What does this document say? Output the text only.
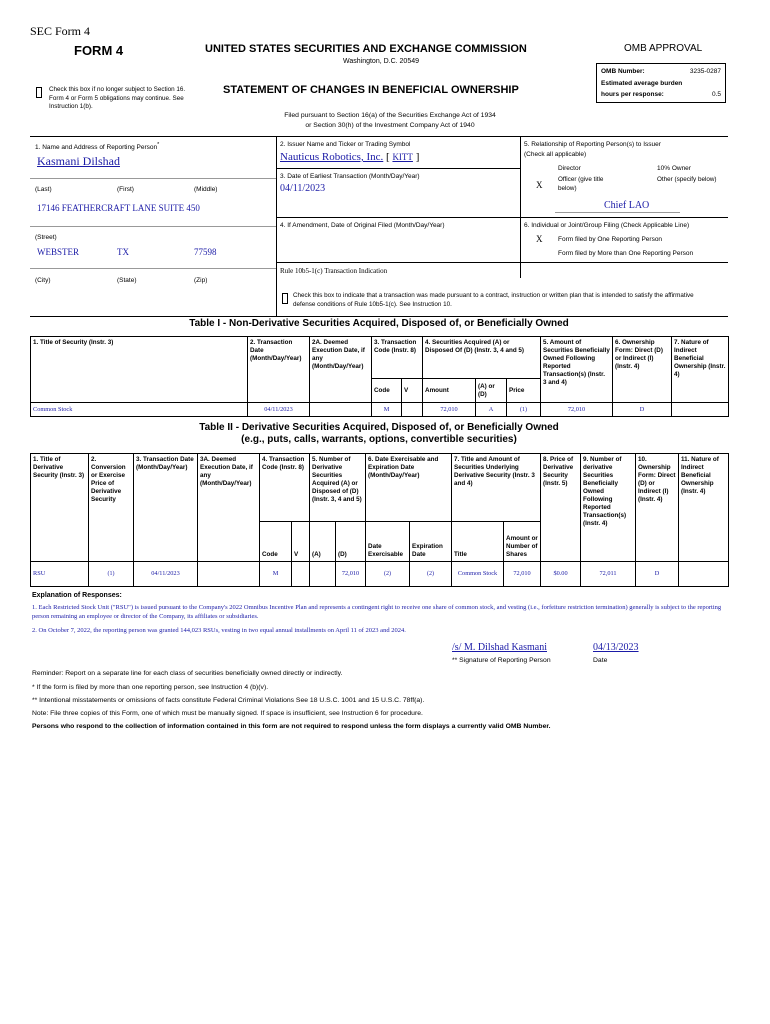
SEC Form 4
FORM 4	UNITED STATES SECURITIES AND EXCHANGE COMMISSION
Washington, D.C. 20549
STATEMENT OF CHANGES IN BENEFICIAL OWNERSHIP
OMB APPROVAL
OMB Number:	3235-0287
Estimated average burden
hours per response:	0.5
Check this box if no longer subject to Section 16. Form 4 or Form 5 obligations may continue. See Instruction 1(b).
Filed pursuant to Section 16(a) of the Securities Exchange Act of 1934
or Section 30(h) of the Investment Company Act of 1940
1. Name and Address of Reporting Person*
Kasmani Dilshad
(Last)	(First)	(Middle)
17146 FEATHERCRAFT LANE SUITE 450
(Street)
WEBSTER	TX	77598
(City)	(State)	(Zip)
2. Issuer Name and Ticker or Trading Symbol
Nauticus Robotics, Inc. [ KITT ]
3. Date of Earliest Transaction (Month/Day/Year)
04/11/2023
4. If Amendment, Date of Original Filed (Month/Day/Year)
Rule 10b5-1(c) Transaction Indication
Check this box to indicate that a transaction was made pursuant to a contract, instruction or written plan that is intended to satisfy the affirmative defense conditions of Rule 10b5-1(c). See Instruction 10.
5. Relationship of Reporting Person(s) to Issuer
(Check all applicable)
Director	10% Owner
X
Officer (give title below)
Other (specify below)
Chief LAO
6. Individual or Joint/Group Filing (Check Applicable Line)
X Form filed by One Reporting Person
Form filed by More than One Reporting Person
Table I - Non-Derivative Securities Acquired, Disposed of, or Beneficially Owned
1. Title of Security (Instr. 3)	2. Transaction Date (Month/Day/Year)	2A. Deemed Execution Date, if any (Month/Day/Year)	3. Transaction Code (Instr. 8)		4. Securities Acquired (A) or Disposed Of (D) (Instr. 3, 4 and 5)			5. Amount of Securities Beneficially Owned Following Reported Transaction(s) (Instr. 3 and 4)	6. Ownership Form: Direct (D) or Indirect (I) (Instr. 4)	7. Nature of Indirect Beneficial Ownership (Instr. 4)
			Code	V	Amount	(A) or (D)	Price			
Common Stock	04/11/2023		M		72,010	A	(1)	72,010	D	
Table II - Derivative Securities Acquired, Disposed of, or Beneficially Owned
(e.g., puts, calls, warrants, options, convertible securities)
1. Title of Derivative Security (Instr. 3)	2. Conversion or Exercise Price of Derivative Security	3. Transaction Date (Month/Day/Year)	3A. Deemed Execution Date, if any (Month/Day/Year)	4. Transaction Code (Instr. 8)		5. Number of Derivative Securities Acquired (A) or Disposed of (D) (Instr. 3, 4 and 5)		6. Date Exercisable and Expiration Date (Month/Day/Year)		7. Title and Amount of Securities Underlying Derivative Security (Instr. 3 and 4)		8. Price of Derivative Security (Instr. 5)	9. Number of derivative Securities Beneficially Owned Following Reported Transaction(s) (Instr. 4)	10. Ownership Form: Direct (D) or Indirect (I) (Instr. 4)	11. Nature of Indirect Beneficial Ownership (Instr. 4)
				Code	V	(A)	(D)	Date Exercisable	Expiration Date	Title	Amount or Number of Shares				
RSU	(1)	04/11/2023		M			72,010	(2)	(2)	Common Stock	72,010	$0.00	72,011	D	
Explanation of Responses:
1. Each Restricted Stock Unit ("RSU") is issued pursuant to the Company's 2022 Omnibus Incentive Plan and represents a contingent right to receive one share of common stock, and vesting (i.e., forfeiture restriction termination) generally is subject to the reporting person remaining an employee or director of the Company, its affiliates or subsidiaries.
2. On October 7, 2022, the reporting person was granted 144,023 RSUs, vesting in two equal annual installments on April 11 of 2023 and 2024.
/s/ M. Dilshad Kasmani	04/13/2023
** Signature of Reporting Person	Date
Reminder: Report on a separate line for each class of securities beneficially owned directly or indirectly.
* If the form is filed by more than one reporting person, see Instruction 4 (b)(v).
** Intentional misstatements or omissions of facts constitute Federal Criminal Violations See 18 U.S.C. 1001 and 15 U.S.C. 78ff(a).
Note: File three copies of this Form, one of which must be manually signed. If space is insufficient, see Instruction 6 for procedure.
Persons who respond to the collection of information contained in this form are not required to respond unless the form displays a currently valid OMB Number.
